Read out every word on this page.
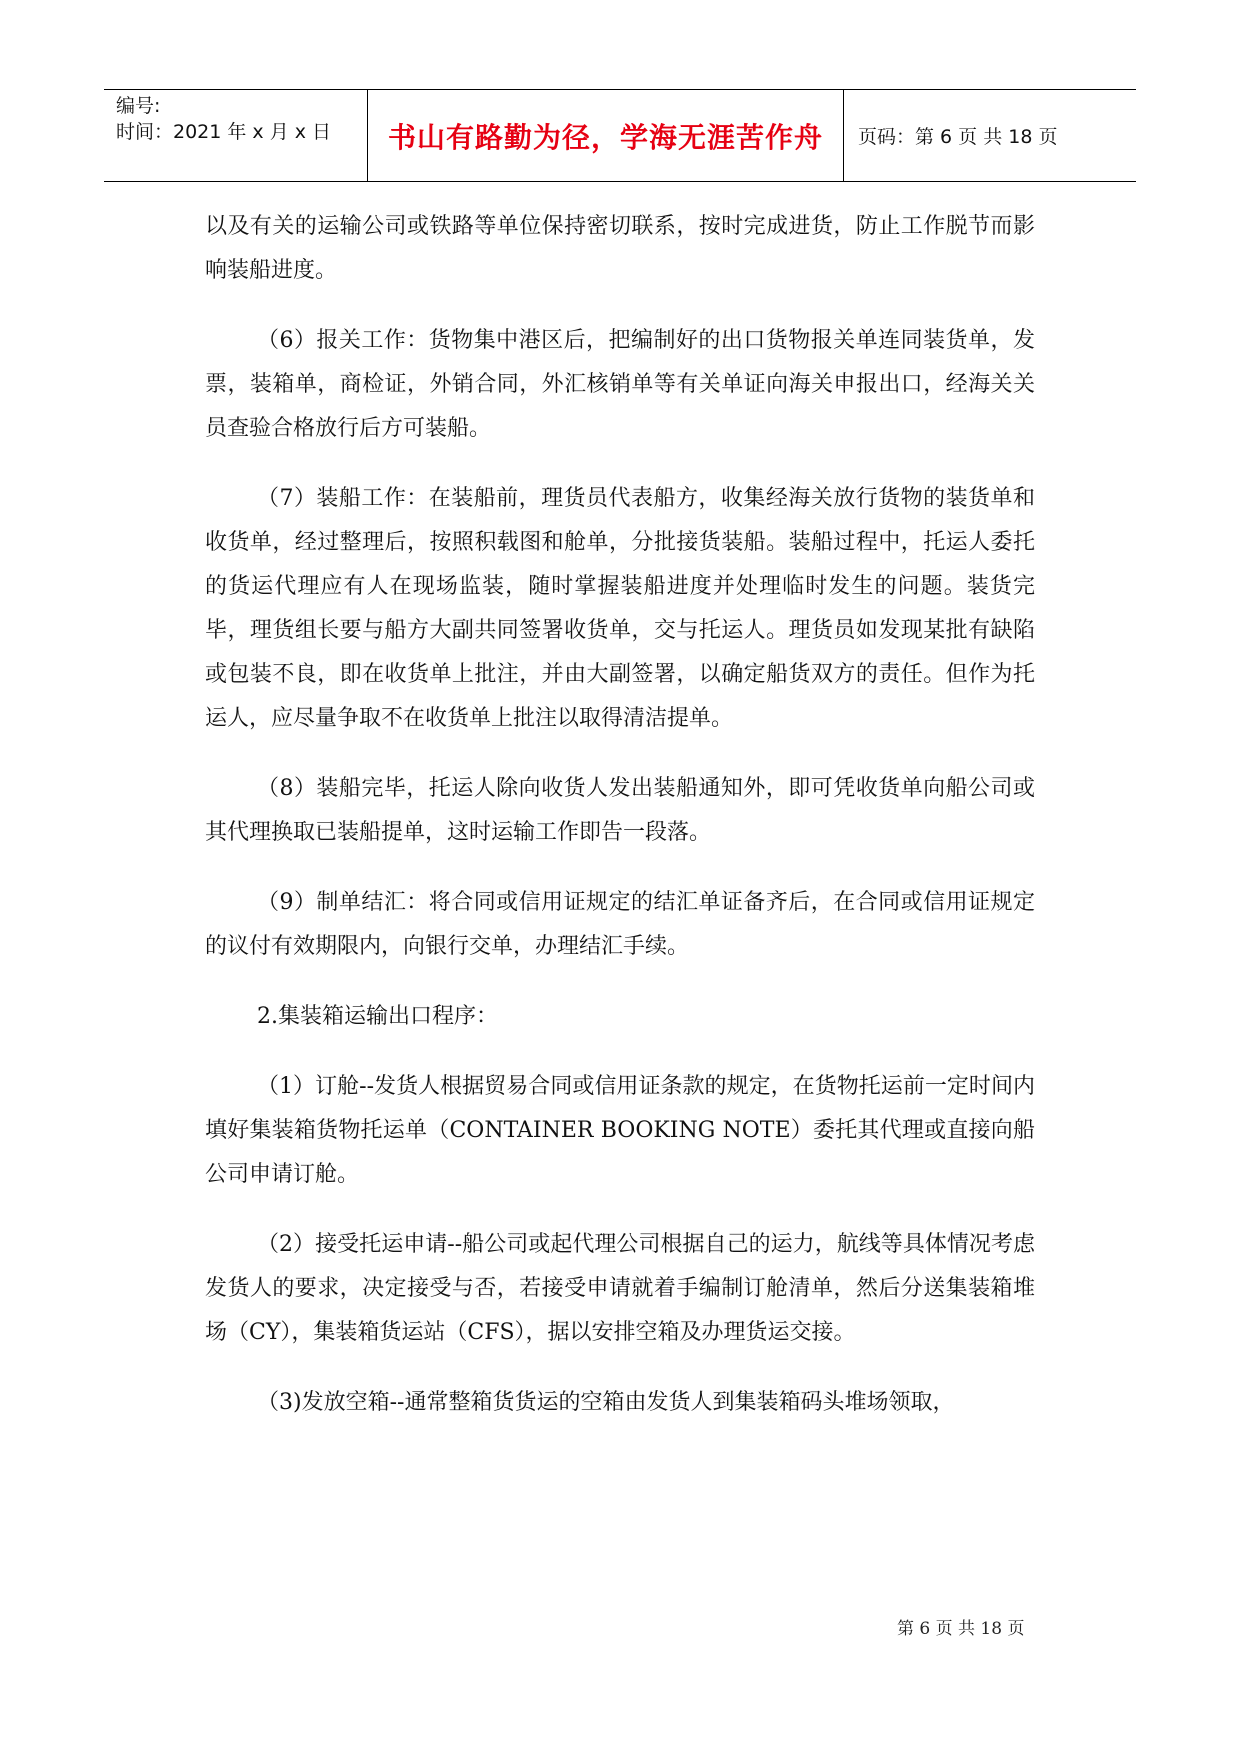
编号:
时间：2021 年 x 月 x 日 书山有路勤为径，学海无涯苦作舟 页码：第 6 页 共 18 页

以及有关的运输公司或铁路等单位保持密切联系，按时完成进货，防止工作脱节而影响装船进度。

（6）报关工作：货物集中港区后，把编制好的出口货物报关单连同装货单，发票，装箱单，商检证，外销合同，外汇核销单等有关单证向海关申报出口，经海关关员查验合格放行后方可装船。

（7）装船工作：在装船前，理货员代表船方，收集经海关放行货物的装货单和收货单，经过整理后，按照积载图和舱单，分批接货装船。装船过程中，托运人委托的货运代理应有人在现场监装，随时掌握装船进度并处理临时发生的问题。装货完毕，理货组长要与船方大副共同签署收货单，交与托运人。理货员如发现某批有缺陷或包装不良，即在收货单上批注，并由大副签署，以确定船货双方的责任。但作为托运人，应尽量争取不在收货单上批注以取得清洁提单。

（8）装船完毕，托运人除向收货人发出装船通知外，即可凭收货单向船公司或其代理换取已装船提单，这时运输工作即告一段落。

（9）制单结汇：将合同或信用证规定的结汇单证备齐后，在合同或信用证规定的议付有效期限内，向银行交单，办理结汇手续。

2.集装箱运输出口程序：

（1）订舱--发货人根据贸易合同或信用证条款的规定，在货物托运前一定时间内填好集装箱货物托运单（CONTAINER BOOKING NOTE）委托其代理或直接向船公司申请订舱。

（2）接受托运申请--船公司或起代理公司根据自己的运力，航线等具体情况考虑发货人的要求，决定接受与否，若接受申请就着手编制订舱清单，然后分送集装箱堆场（CY），集装箱货运站（CFS），据以安排空箱及办理货运交接。

（3)发放空箱--通常整箱货货运的空箱由发货人到集装箱码头堆场领取，

第 6 页 共 18 页
